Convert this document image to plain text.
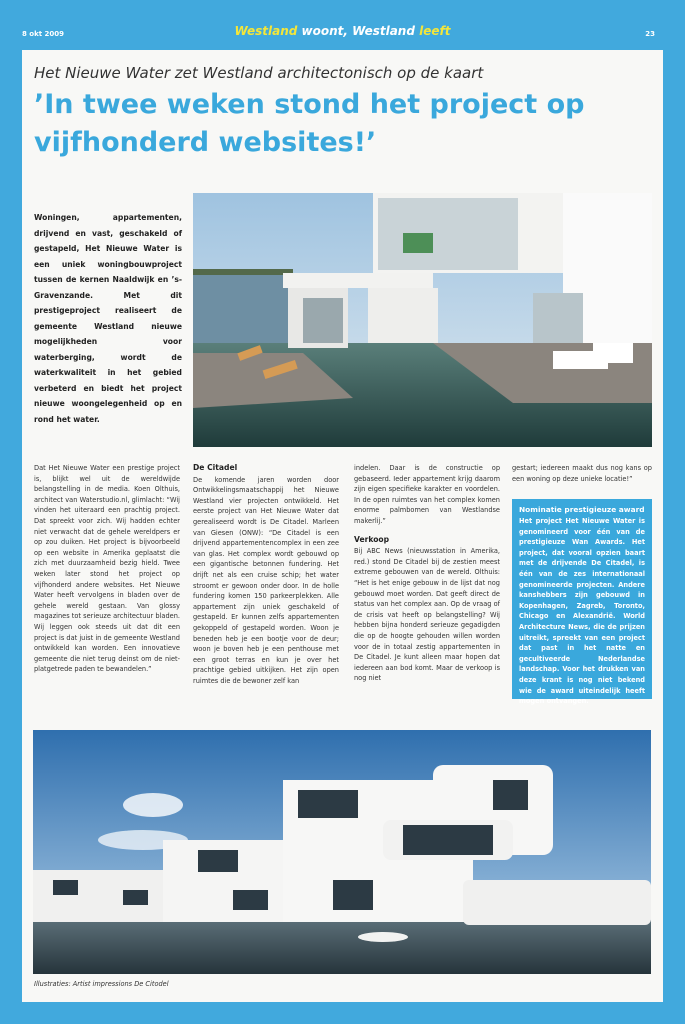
8 okt 2009	Westland woont, Westland leeft	23
Het Nieuwe Water zet Westland architectonisch op de kaart
’In twee weken stond het project op vijfhonderd websites!’
Woningen, appartementen, drijvend en vast, geschakeld of gestapeld, Het Nieuwe Water is een uniek woningbouwproject tussen de kernen Naaldwijk en ’s-Gravenzande. Met dit prestigeproject realiseert de gemeente Westland nieuwe mogelijkheden voor waterberging, wordt de waterkwaliteit in het gebied verbeterd en biedt het project nieuwe woongelegenheid op en rond het water.

Dat Het Nieuwe Water een prestige project is, blijkt wel uit de wereldwijde belangstelling in de media. Koen Olthuis, architect van Waterstudio.nl, glimlacht: “Wij vinden het uiteraard een prachtig project. Dat spreekt voor zich. Wij hadden echter niet verwacht dat de gehele wereldpers er op zou duiken. Het project is bijvoorbeeld op een website in Amerika geplaatst die zich met duurzaamheid bezig hield. Twee weken later stond het project op vijfhonderd andere websites. Het Nieuwe Water heeft vervolgens in bladen over de gehele wereld gestaan. Van glossy magazines tot serieuze architectuur bladen. Wij leggen ook steeds uit dat dit een project is dat juist in de gemeente Westland ontwikkeld kan worden. Een innovatieve gemeente die niet terug deinst om de niet-platgetrede paden te bewandelen.”

De Citadel

De komende jaren worden door Ontwikkelingsmaatschappij het Nieuwe Westland vier projecten ontwikkeld. Het eerste project van Het Nieuwe Water dat gerealiseerd wordt is De Citadel. Marleen van Giesen (ONW): “De Citadel is een drijvend appartementencomplex in een zee van glas. Het complex wordt gebouwd op een gigantische betonnen fundering. Het drijft net als een cruise schip; het water stroomt er gewoon onder door. In de holle fundering komen 150 parkeerplekken. Alle appartement zijn uniek geschakeld of gestapeld. Er kunnen zelfs appartementen gekoppeld of gestapeld worden. Woon je beneden heb je een bootje voor de deur; woon je boven heb je een penthouse met een groot terras en kun je over het prachtige gebied uitkijken. Het zijn open ruimtes die de bewoner zelf kan

indelen. Daar is de constructie op gebaseerd. Ieder appartement krijg daarom zijn eigen specifieke karakter en voordelen. In de open ruimtes van het complex komen enorme palmbomen van Westlandse makerlij.”

Verkoop

Bij ABC News (nieuwsstation in Amerika, red.) stond De Citadel bij de zestien meest extreme gebouwen van de wereld. Olthuis: “Het is het enige gebouw in de lijst dat nog gebouwd moet worden. Dat geeft direct de status van het complex aan. Op de vraag of de crisis vat heeft op belangstelling? Wij hebben bijna honderd serieuze gegadigden die op de hoogte gehouden willen worden voor de in totaal zestig appartementen in De Citadel. Je kunt alleen maar hopen dat iedereen aan bod komt. Maar de verkoop is nog niet

gestart; iedereen maakt dus nog kans op een woning op deze unieke locatie!”

Nominatie prestigieuze award

Het project Het Nieuwe Water is genomineerd voor één van de prestigieuze Wan Awards. Het project, dat vooral opzien baart met de drijvende De Citadel, is één van de zes internationaal genomineerde projecten. Andere kanshebbers zijn gebouwd in Kopenhagen, Zagreb, Toronto, Chicago en Alexandrië. World Architecture News, die de prijzen uitreikt, spreekt van een project dat past in het natte en gecultiveerde Nederlandse landschap. Voor het drukken van deze krant is nog niet bekend wie de award uiteindelijk heeft mogen ontvangen.

Illustraties: Artist impressions De Citodel
